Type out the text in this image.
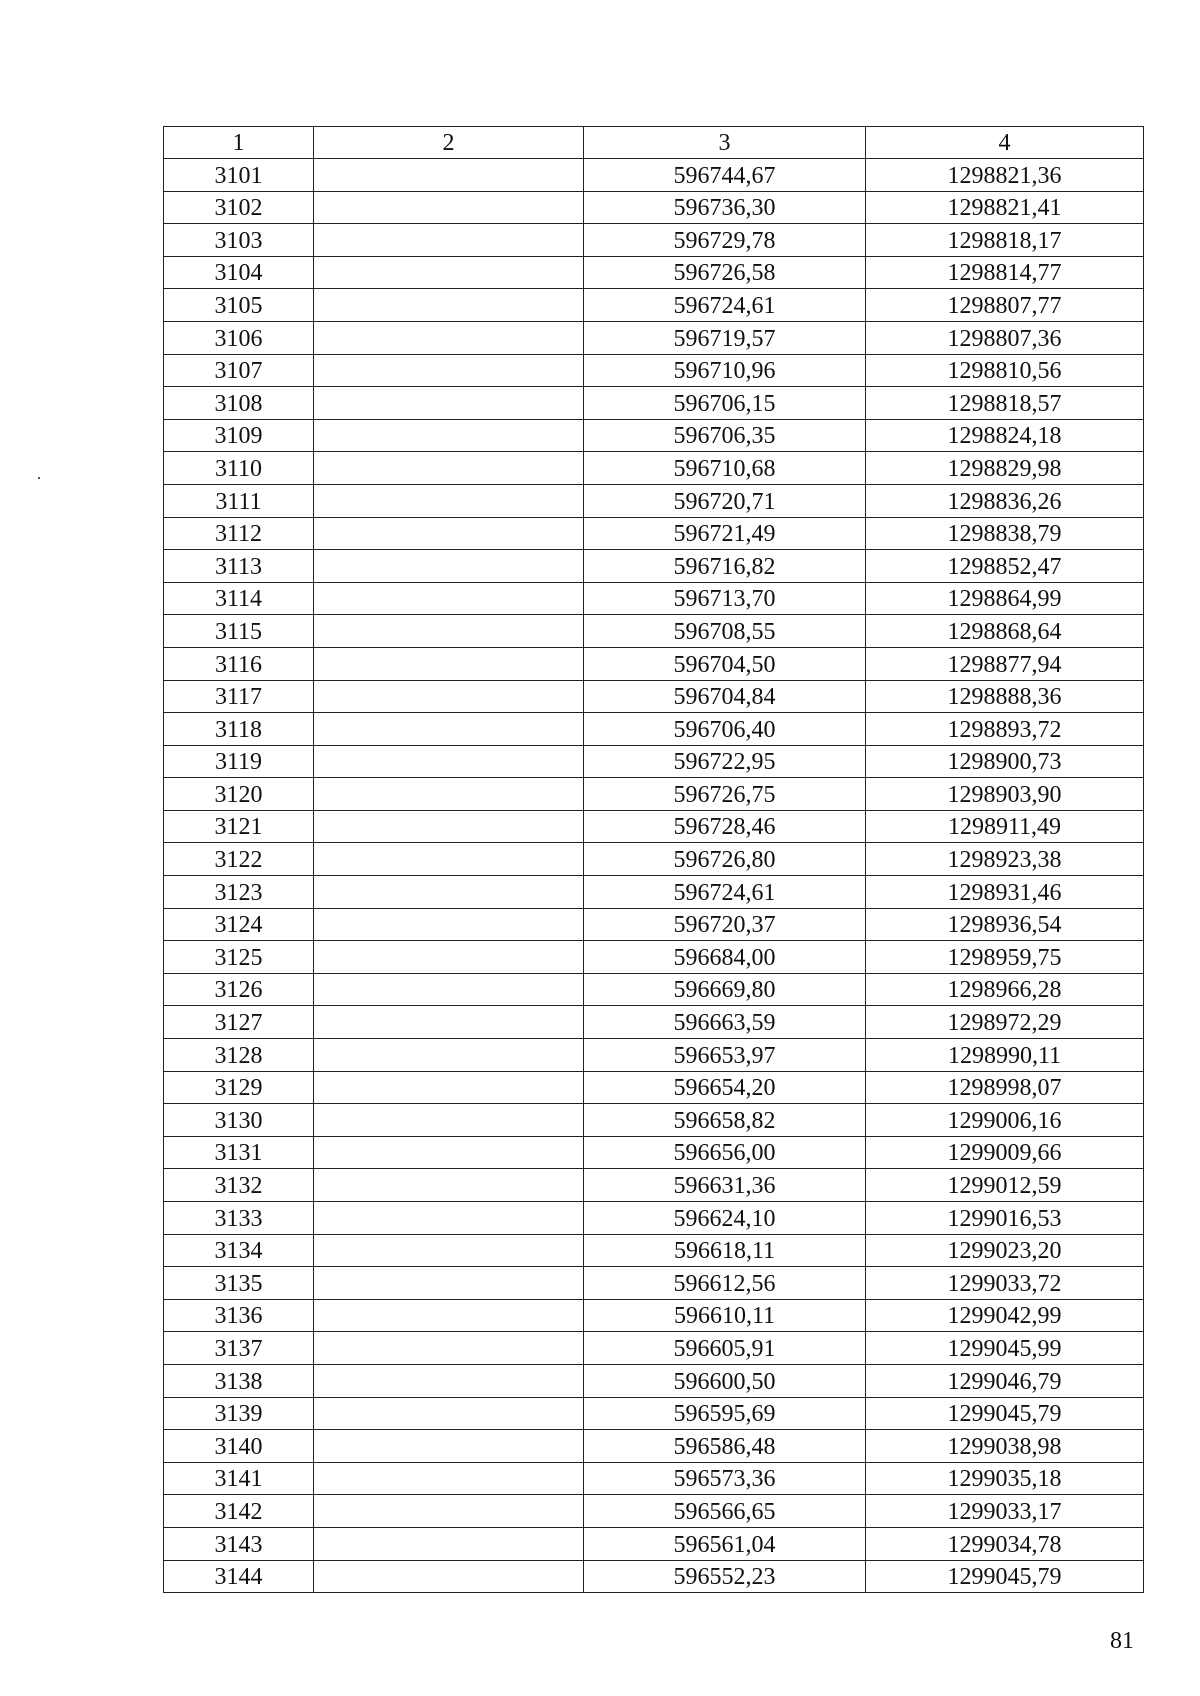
1	2	3	4
3101		596744,67	1298821,36
3102		596736,30	1298821,41
3103		596729,78	1298818,17
3104		596726,58	1298814,77
3105		596724,61	1298807,77
3106		596719,57	1298807,36
3107		596710,96	1298810,56
3108		596706,15	1298818,57
3109		596706,35	1298824,18
3110		596710,68	1298829,98
3111		596720,71	1298836,26
3112		596721,49	1298838,79
3113		596716,82	1298852,47
3114		596713,70	1298864,99
3115		596708,55	1298868,64
3116		596704,50	1298877,94
3117		596704,84	1298888,36
3118		596706,40	1298893,72
3119		596722,95	1298900,73
3120		596726,75	1298903,90
3121		596728,46	1298911,49
3122		596726,80	1298923,38
3123		596724,61	1298931,46
3124		596720,37	1298936,54
3125		596684,00	1298959,75
3126		596669,80	1298966,28
3127		596663,59	1298972,29
3128		596653,97	1298990,11
3129		596654,20	1298998,07
3130		596658,82	1299006,16
3131		596656,00	1299009,66
3132		596631,36	1299012,59
3133		596624,10	1299016,53
3134		596618,11	1299023,20
3135		596612,56	1299033,72
3136		596610,11	1299042,99
3137		596605,91	1299045,99
3138		596600,50	1299046,79
3139		596595,69	1299045,79
3140		596586,48	1299038,98
3141		596573,36	1299035,18
3142		596566,65	1299033,17
3143		596561,04	1299034,78
3144		596552,23	1299045,79
81
